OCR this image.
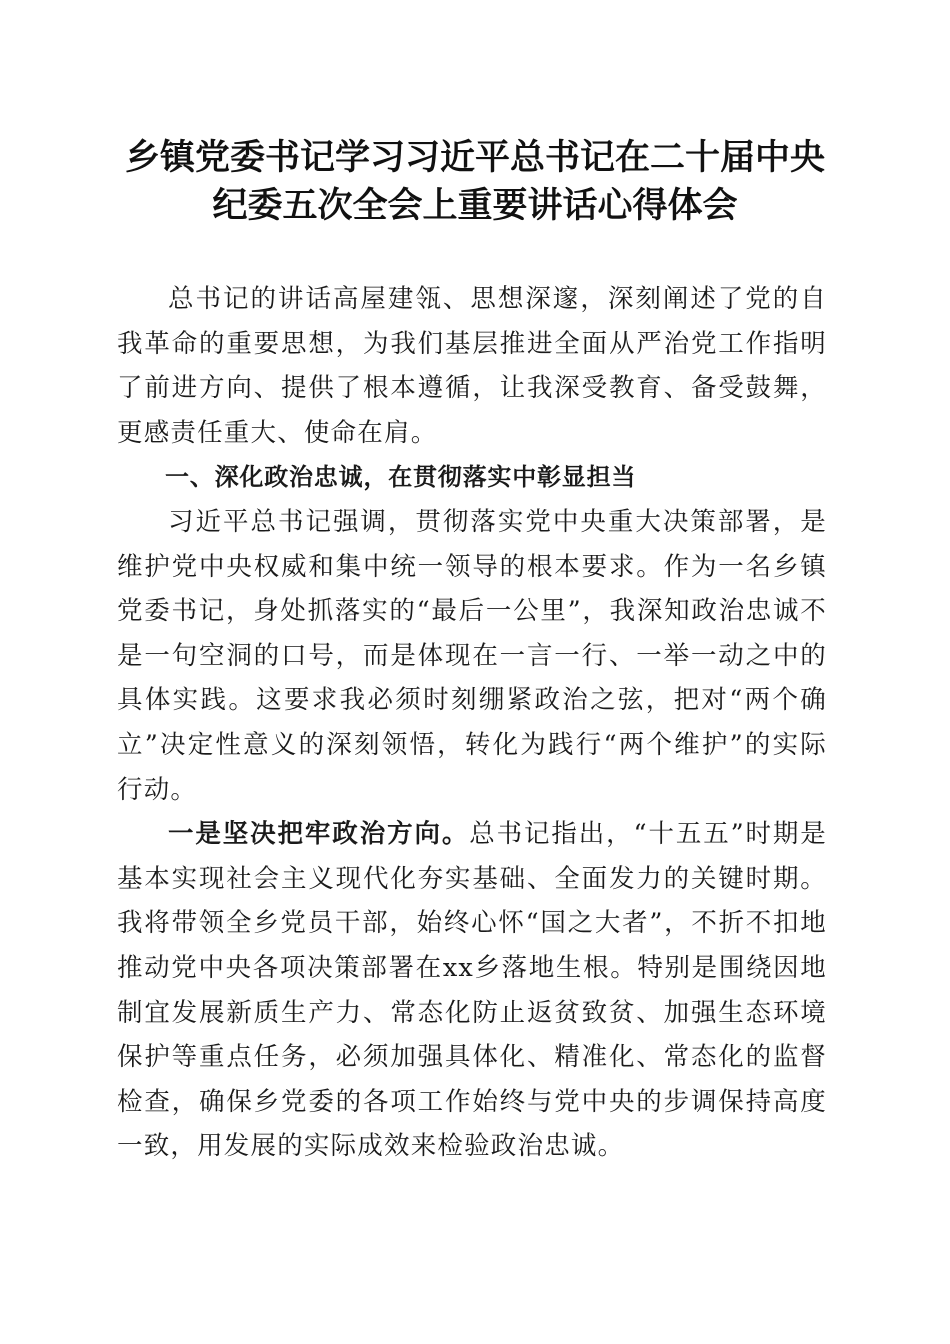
乡镇党委书记学习习近平总书记在二十届中央
纪委五次全会上重要讲话心得体会

总书记的讲话高屋建瓴、思想深邃，深刻阐述了党的自我革命的重要思想，为我们基层推进全面从严治党工作指明了前进方向、提供了根本遵循，让我深受教育、备受鼓舞，更感责任重大、使命在肩。

一、深化政治忠诚，在贯彻落实中彰显担当

习近平总书记强调，贯彻落实党中央重大决策部署，是维护党中央权威和集中统一领导的根本要求。作为一名乡镇党委书记，身处抓落实的“最后一公里”，我深知政治忠诚不是一句空洞的口号，而是体现在一言一行、一举一动之中的具体实践。这要求我必须时刻绷紧政治之弦，把对“两个确立”决定性意义的深刻领悟，转化为践行“两个维护”的实际行动。

一是坚决把牢政治方向。总书记指出，“十五五”时期是基本实现社会主义现代化夯实基础、全面发力的关键时期。我将带领全乡党员干部，始终心怀“国之大者”，不折不扣地推动党中央各项决策部署在xx乡落地生根。特别是围绕因地制宜发展新质生产力、常态化防止返贫致贫、加强生态环境保护等重点任务，必须加强具体化、精准化、常态化的监督检查，确保乡党委的各项工作始终与党中央的步调保持高度一致，用发展的实际成效来检验政治忠诚。
